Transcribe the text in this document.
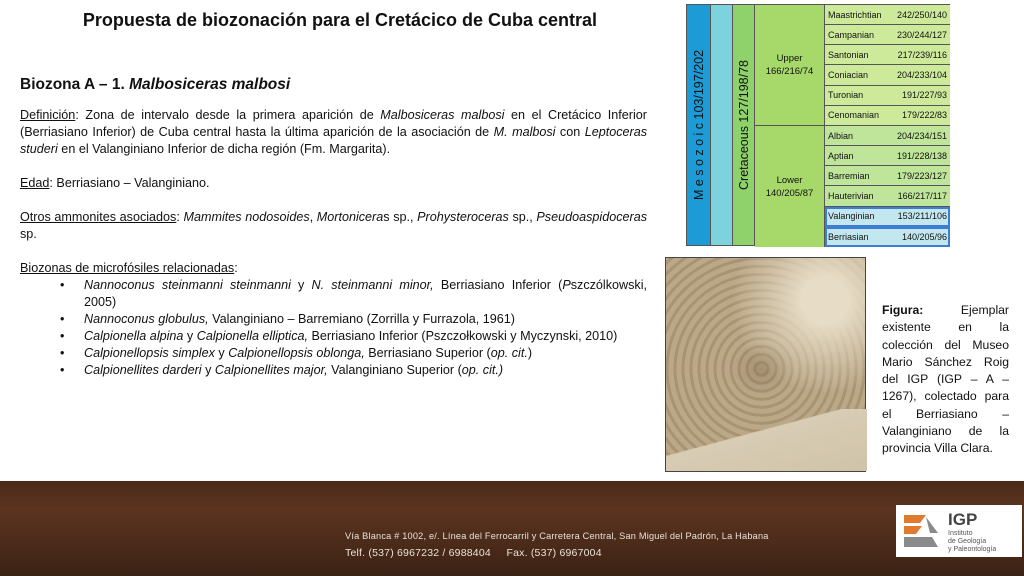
Propuesta de biozonación para el Cretácico de Cuba central
Biozona A – 1. Malbosiceras malbosi

Definición: Zona de intervalo desde la primera aparición de Malbosiceras malbosi en el Cretácico Inferior (Berriasiano Inferior) de Cuba central hasta la última aparición de la asociación de M. malbosi con Leptoceras studeri en el Valanginiano Inferior de dicha región (Fm. Margarita).

Edad: Berriasiano – Valanginiano.

Otros ammonites asociados: Mammites nodosoides, Mortoniceras sp., Prohysteroceras sp., Pseudoaspidoceras sp.

Biozonas de microfósiles relacionadas:

• Nannoconus steinmanni steinmanni y N. steinmanni minor, Berriasiano Inferior (Pszczólkowski, 2005)
• Nannoconus globulus, Valanginiano – Barremiano (Zorrilla y Furrazola, 1961)
• Calpionella alpina y Calpionella elliptica, Berriasiano Inferior (Pszczołkowski y Myczynski, 2010)
• Calpionellopsis simplex y Calpionellopsis oblonga, Berriasiano Superior (op. cit.)
• Calpionellites darderi y Calpionellites major, Valanginiano Superior (op. cit.)
M e s o z o i c 103/197/202 Cretaceous 127/198/78
Upper
166/216/74
Lower
140/205/87
Maastrichtian	242/250/140
Campanian	230/244/127
Santonian	217/239/116
Coniacian	204/233/104
Turonian	191/227/93
Cenomanian	179/222/83
Albian	204/234/151
Aptian	191/228/138
Barremian	179/223/127
Hauterivian	166/217/117
Valanginian	153/211/106
Berriasian	140/205/96

Figura: Ejemplar existente en la colección del Museo Mario Sánchez Roig del IGP (IGP – A – 1267), colectado para el Berriasiano – Valanginiano de la provincia Villa Clara.

Vía Blanca # 1002, e/. Línea del Ferrocarril y Carretera Central, San Miguel del Padrón, La Habana
Telf. (537) 6967232 / 6988404     Fax. (537) 6967004
IGP
Instituto
de Geología
y Paleontología
